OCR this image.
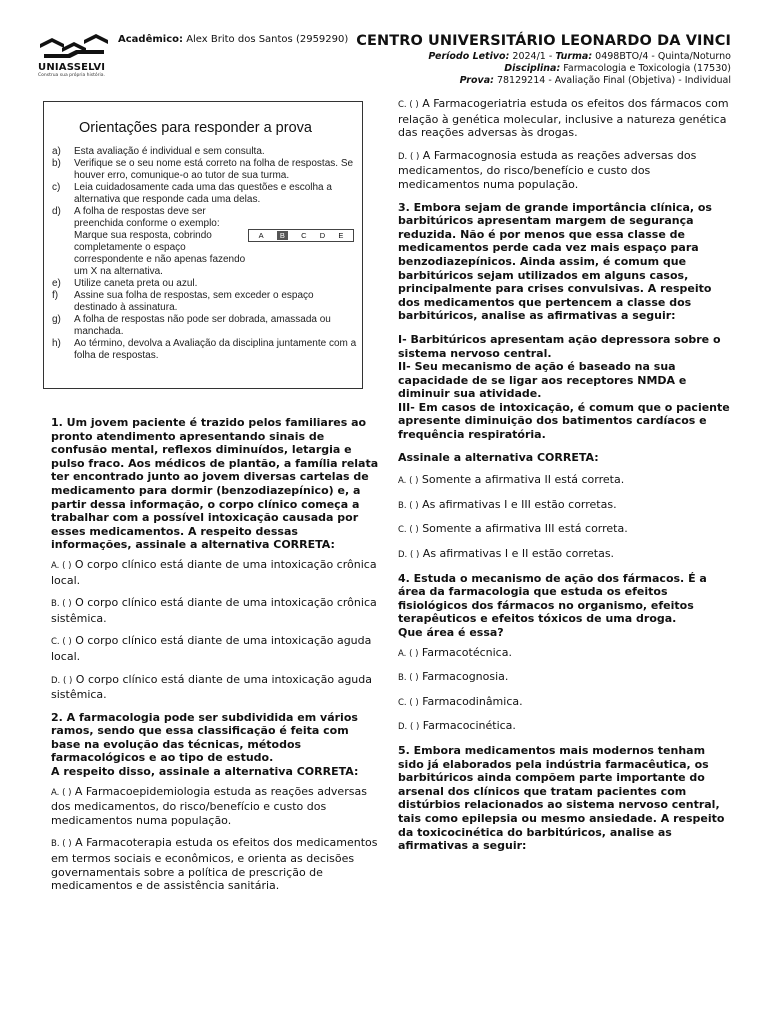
UNIASSELVI
Construa sua própria história.
Acadêmico: Alex Brito dos Santos (2959290) CENTRO UNIVERSITÁRIO LEONARDO DA VINCI
Período Letivo: 2024/1 - Turma: 0498BTO/4 - Quinta/Noturno
Disciplina: Farmacologia e Toxicologia (17530)
Prova: 78129214 - Avaliação Final (Objetiva) - Individual
Orientações para responder a prova
a)	Esta avaliação é individual e sem consulta.
b)	Verifique se o seu nome está correto na folha de respostas. Se houver erro, comunique-o ao tutor de sua turma.
c)	Leia cuidadosamente cada uma das questões e escolha a alternativa que responde cada uma delas.
d)	A folha de respostas deve ser preenchida conforme o exemplo: Marque sua resposta, cobrindo completamente o espaço correspondente e não apenas fazendo um X na alternativa.
e)	Utilize caneta preta ou azul.
f)	Assine sua folha de respostas, sem exceder o espaço destinado à assinatura.
g)	A folha de respostas não pode ser dobrada, amassada ou manchada.
h)	Ao término, devolva a Avaliação da disciplina juntamente com a folha de respostas.
A B C D E
1. Um jovem paciente é trazido pelos familiares ao pronto atendimento apresentando sinais de confusão mental, reflexos diminuídos, letargia e pulso fraco. Aos médicos de plantão, a família relata ter encontrado junto ao jovem diversas cartelas de medicamento para dormir (benzodiazepínico) e, a partir dessa informação, o corpo clínico começa a trabalhar com a possível intoxicação causada por esses medicamentos. A respeito dessas informações, assinale a alternativa CORRETA:
A. ( ) O corpo clínico está diante de uma intoxicação crônica local.
B. ( ) O corpo clínico está diante de uma intoxicação crônica sistêmica.
C. ( ) O corpo clínico está diante de uma intoxicação aguda local.
D. ( ) O corpo clínico está diante de uma intoxicação aguda sistêmica.
2. A farmacologia pode ser subdividida em vários ramos, sendo que essa classificação é feita com base na evolução das técnicas, métodos farmacológicos e ao tipo de estudo.
A respeito disso, assinale a alternativa CORRETA:
A. ( ) A Farmacoepidemiologia estuda as reações adversas dos medicamentos, do risco/benefício e custo dos medicamentos numa população.
B. ( ) A Farmacoterapia estuda os efeitos dos medicamentos em termos sociais e econômicos, e orienta as decisões governamentais sobre a política de prescrição de medicamentos e de assistência sanitária.
C. ( ) A Farmacogeriatria estuda os efeitos dos fármacos com relação à genética molecular, inclusive a natureza genética das reações adversas às drogas.
D. ( ) A Farmacognosia estuda as reações adversas dos medicamentos, do risco/benefício e custo dos medicamentos numa população.
3. Embora sejam de grande importância clínica, os barbitúricos apresentam margem de segurança reduzida. Não é por menos que essa classe de medicamentos perde cada vez mais espaço para benzodiazepínicos. Ainda assim, é comum que barbitúricos sejam utilizados em alguns casos, principalmente para crises convulsivas. A respeito dos medicamentos que pertencem a classe dos barbitúricos, analise as afirmativas a seguir:
I- Barbitúricos apresentam ação depressora sobre o sistema nervoso central.
II- Seu mecanismo de ação é baseado na sua capacidade de se ligar aos receptores NMDA e diminuir sua atividade.
III- Em casos de intoxicação, é comum que o paciente apresente diminuição dos batimentos cardíacos e frequência respiratória.
Assinale a alternativa CORRETA:
A. ( ) Somente a afirmativa II está correta.
B. ( ) As afirmativas I e III estão corretas.
C. ( ) Somente a afirmativa III está correta.
D. ( ) As afirmativas I e II estão corretas.
4. Estuda o mecanismo de ação dos fármacos. É a área da farmacologia que estuda os efeitos fisiológicos dos fármacos no organismo, efeitos terapêuticos e efeitos tóxicos de uma droga.
Que área é essa?
A. ( ) Farmacotécnica.
B. ( ) Farmacognosia.
C. ( ) Farmacodinâmica.
D. ( ) Farmacocinética.
5. Embora medicamentos mais modernos tenham sido já elaborados pela indústria farmacêutica, os barbitúricos ainda compõem parte importante do arsenal dos clínicos que tratam pacientes com distúrbios relacionados ao sistema nervoso central, tais como epilepsia ou mesmo ansiedade. A respeito da toxicocinética do barbitúricos, analise as afirmativas a seguir:
